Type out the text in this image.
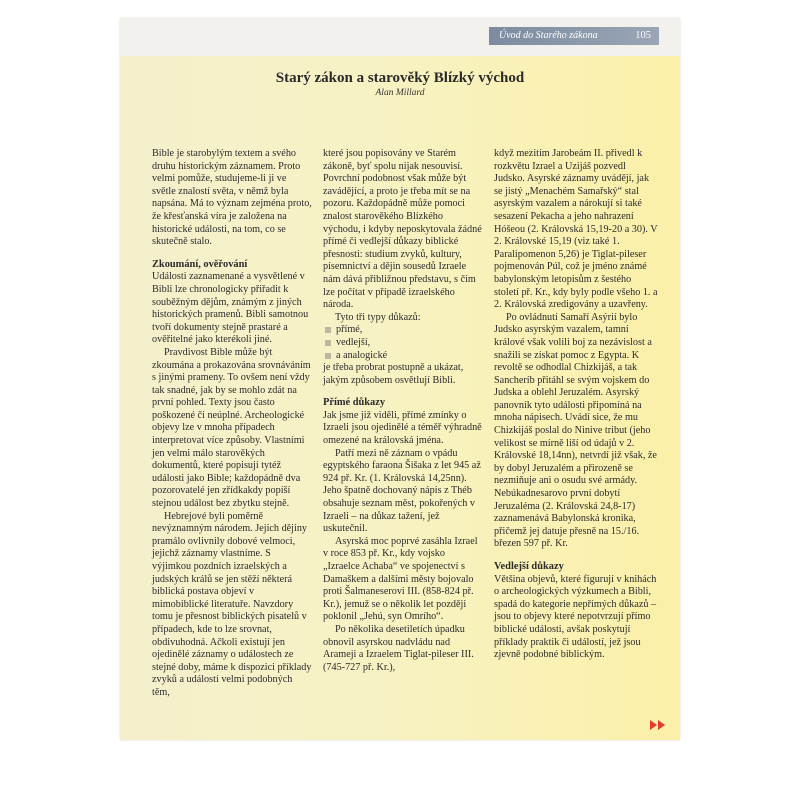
Úvod do Starého zákona	105
Starý zákon a starověký Blízký východ
Alan Millard

Bible je starobylým textem a svého druhu historickým záznamem. Proto velmi pomůže, studujeme-li ji ve světle znalostí světa, v němž byla napsána. Má to význam zejména proto, že křesťanská víra je založena na historické události, na tom, co se skutečně stalo.

Zkoumání, ověřování

Události zaznamenané a vysvětlené v Bibli lze chronologicky přiřadit k souběžným dějům, známým z jiných historických pramenů. Bibli samotnou tvoří dokumenty stejně prastaré a ověřitelné jako kterékoli jiné.

Pravdivost Bible může být zkoumána a prokazována srovnáváním s jinými prameny. To ovšem není vždy tak snadné, jak by se mohlo zdát na první pohled. Texty jsou často poškozené či neúplné. Archeologické objevy lze v mnoha případech interpretovat více způsoby. Vlastními jen velmi málo starověkých dokumentů, které popisují tytéž události jako Bible; každopádně dva pozorovatelé jen zřídkakdy popíší stejnou událost bez zbytku stejně.

Hebrejové byli poměrně nevýznamným národem. Jejich dějiny pramálo ovlivnily dobové velmoci, jejichž záznamy vlastníme. S výjimkou pozdních izraelských a judských králů se jen stěží některá biblická postava objeví v mimobiblické literatuře. Navzdory tomu je přesnost biblických pisatelů v případech, kde to lze srovnat, obdivuhodná. Ačkoli existují jen ojedinělé záznamy o událostech ze stejné doby, máme k dispozici příklady zvyků a událostí velmi podobných těm,

které jsou popisovány ve Starém zákoně, byť spolu nijak nesouvisí. Povrchní podobnost však může být zavádějící, a proto je třeba mít se na pozoru. Každopádně může pomoci znalost starověkého Blízkého východu, i kdyby neposkytovala žádné přímé či vedlejší důkazy biblické přesnosti: studium zvyků, kultury, písemnictví a dějin sousedů Izraele nám dává přibližnou představu, s čím lze počítat v případě izraelského národa.

Tyto tři typy důkazů:

přímé,
vedlejší,
a analogické

je třeba probrat postupně a ukázat, jakým způsobem osvětlují Bibli.

Přímé důkazy

Jak jsme již viděli, přímé zmínky o Izraeli jsou ojedinělé a téměř výhradně omezené na královská jména.

Patří mezi ně záznam o vpádu egyptského faraona Šišaka z let 945 až 924 př. Kr. (1. Královská 14,25nn). Jeho špatně dochovaný nápis z Théb obsahuje seznam měst, pokořených v Izraeli – na důkaz tažení, jež uskutečnil.

Asyrská moc poprvé zasáhla Izrael v roce 853 př. Kr., kdy vojsko „Izraelce Achaba“ ve spojenectví s Damaškem a dalšími městy bojovalo proti Šalmaneserovi III. (858-824 př. Kr.), jemuž se o několik let později poklonil „Jehú, syn Omrího“.

Po několika desetiletích úpadku obnovil asyrskou nadvládu nad Arameji a Izraelem Tiglat-pileser III. (745-727 př. Kr.),

když mezitím Jarobeám II. přivedl k rozkvětu Izrael a Uzijáš pozvedl Judsko. Asyrské záznamy uvádějí, jak se jistý „Menachém Samařský“ stal asyrským vazalem a nárokují si také sesazení Pekacha a jeho nahrazení Hóšeou (2. Královská 15,19-20 a 30). V 2. Královské 15,19 (viz také 1. Paralipomenon 5,26) je Tiglat-pileser pojmenován Púl, což je jméno známé babylonským letopisům z šestého století př. Kr., kdy byly podle všeho 1. a 2. Královská zredigovány a uzavřeny.

Po ovládnutí Samaří Asýrií bylo Judsko asyrským vazalem, tamní králové však volili boj za nezávislost a snažili se získat pomoc z Egypta. K revoltě se odhodlal Chizkijáš, a tak Sancheríb přitáhl se svým vojskem do Judska a oblehl Jeruzalém. Asyrský panovník tyto události připomíná na mnoha nápisech. Uvádí sice, že mu Chizkijáš poslal do Ninive tribut (jeho velikost se mírně liší od údajů v 2. Královské 18,14nn), netvrdí již však, že by dobyl Jeruzalém a přirozeně se nezmiňuje ani o osudu své armády. Nebúkadnesarovo první dobytí Jeruzaléma (2. Královská 24,8-17) zaznamenává Babylonská kronika, přičemž jej datuje přesně na 15./16. březen 597 př. Kr.

Vedlejší důkazy

Většina objevů, které figurují v knihách o archeologických výzkumech a Bibli, spadá do kategorie nepřímých důkazů – jsou to objevy které nepotvrzují přímo biblické události, avšak poskytují příklady praktik či událostí, jež jsou zjevně podobné biblickým.
